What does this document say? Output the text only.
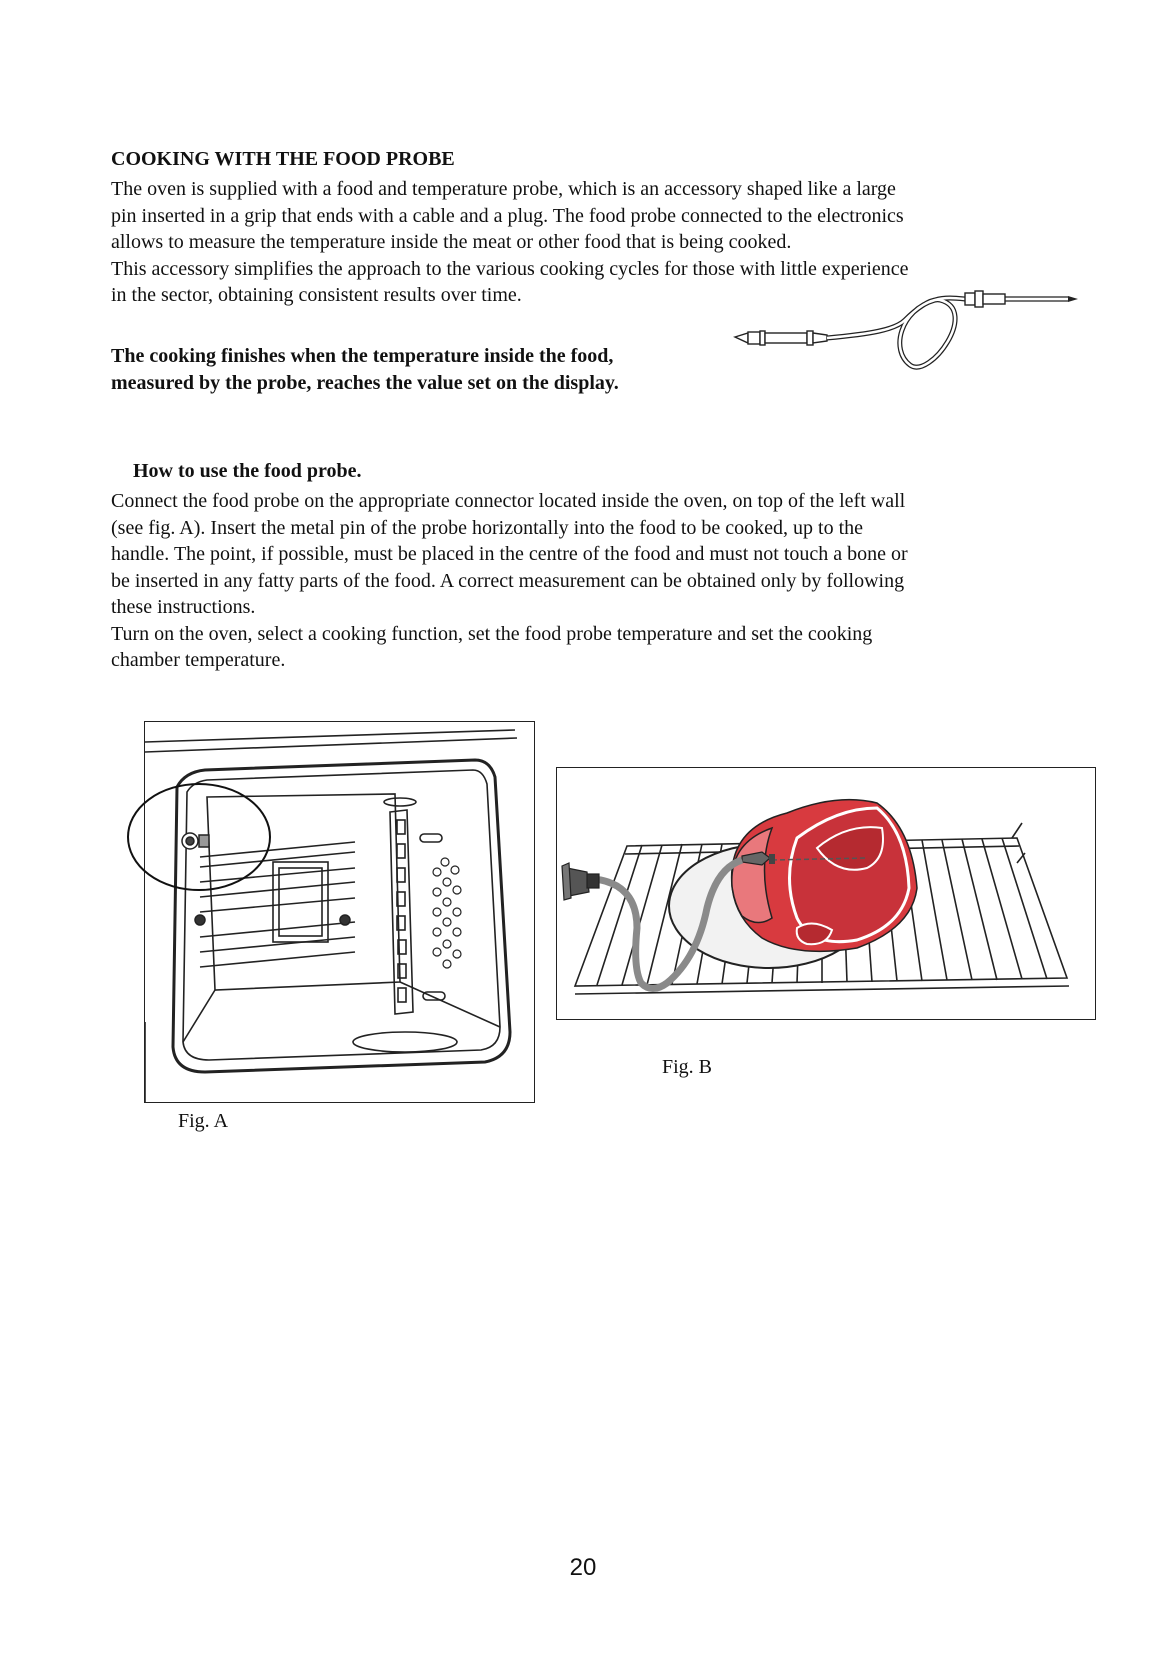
COOKING WITH THE FOOD PROBE

The oven is supplied with a food and temperature probe, which is an accessory shaped like a large
pin inserted in a grip that ends with a cable and a plug. The food probe connected to the electronics
allows to measure the temperature inside the meat or other food that is being cooked.
This accessory simplifies the approach to the various cooking cycles for those with little experience
in the sector, obtaining consistent results over time.
The cooking finishes when the temperature inside the food,
measured by the probe, reaches the value set on the display.

How to use the food probe.

Connect the food probe on the appropriate connector located inside the oven, on top of the left wall
(see fig. A). Insert the metal pin of the probe horizontally into the food to be cooked, up to the
handle. The point, if possible, must be placed in the centre of the food and must not touch a bone or
be inserted in any fatty parts of the food. A correct measurement can be obtained only by following
these instructions.
Turn on the oven, select a cooking function, set the food probe temperature and set the cooking
chamber temperature.
Fig. A
Fig. B
20
